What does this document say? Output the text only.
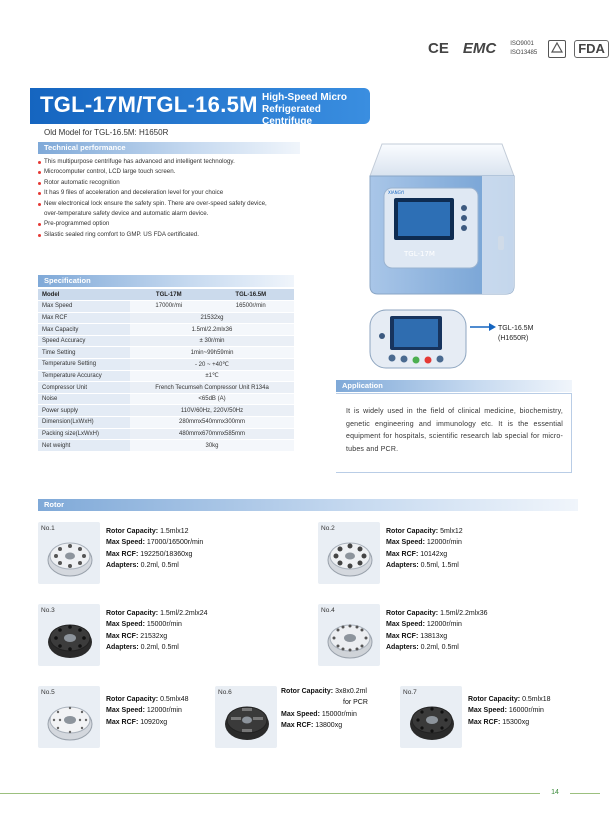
CE EMC	ISO9001
ISO13485	FDA
TGL-17M/TGL-16.5M High-Speed Micro
Refrigerated Centrifuge
Old Model for TGL-16.5M: H1650R
Technical performance
This multipurpose centrifuge has advanced and intelligent technology.
Microcomputer control, LCD large touch screen.
Rotor automatic recognition
It has 9 files of acceleration and deceleration level for your choice
New electronical lock ensure the safety spin. There are over-speed safety device,
over-temperature safety device and automatic alarm device.
Pre-programmed option
Silastic sealed ring comfort to GMP. US FDA certificated.
Specification
Model	TGL-17M	TGL-16.5M
Max Speed	17000r/mi	16500r/min
Max RCF	21532xg	
Max Capacity	1.5ml/2.2mlx36	
Speed Accuracy	± 30r/min	
Time Setting	1min~99h59min	
Temperature Setting	- 20 ~ +40℃	
Temperature Accuracy	±1℃	
Compressor Unit	French Tecumseh Compressor Unit R134a	
Noise	<65dB (A)	
Power supply	110V/60Hz, 220V/50Hz	
Dimension(LxWxH)	280mmx540mmx300mm	
Packing size(LxWxH)	480mmx670mmx585mm	
Net weight	30kg	
XIANGYI
TGL-17M
TGL-16.5M
(H1650R)
Application
It is widely used in the field of clinical medicine, biochemistry, genetic engineering and immunology etc. It is the essential equipment for hospitals, scientific research lab special for micro-tubes and PCR.
Rotor
No.1	Rotor Capacity: 1.5mlx12
Max Speed: 17000/16500r/min
Max RCF: 192250/18360xg
Adapters: 0.2ml, 0.5ml
No.2	Rotor Capacity: 5mlx12
Max Speed: 12000r/min
Max RCF: 10142xg
Adapters: 0.5ml, 1.5ml
No.3	Rotor Capacity: 1.5ml/2.2mlx24
Max Speed: 15000r/min
Max RCF: 21532xg
Adapters: 0.2ml, 0.5ml
No.4	Rotor Capacity: 1.5ml/2.2mlx36
Max Speed: 12000r/min
Max RCF: 13813xg
Adapters: 0.2ml, 0.5ml
No.5
Rotor Capacity: 0.5mlx48
Max Speed: 12000r/min
Max RCF: 10920xg
No.6	Rotor Capacity: 3x8x0.2ml
for PCR
Max Speed: 15000r/min
Max RCF: 13800xg
No.7
Rotor Capacity: 0.5mlx18
Max Speed: 16000r/min
Max RCF: 15300xg
14
